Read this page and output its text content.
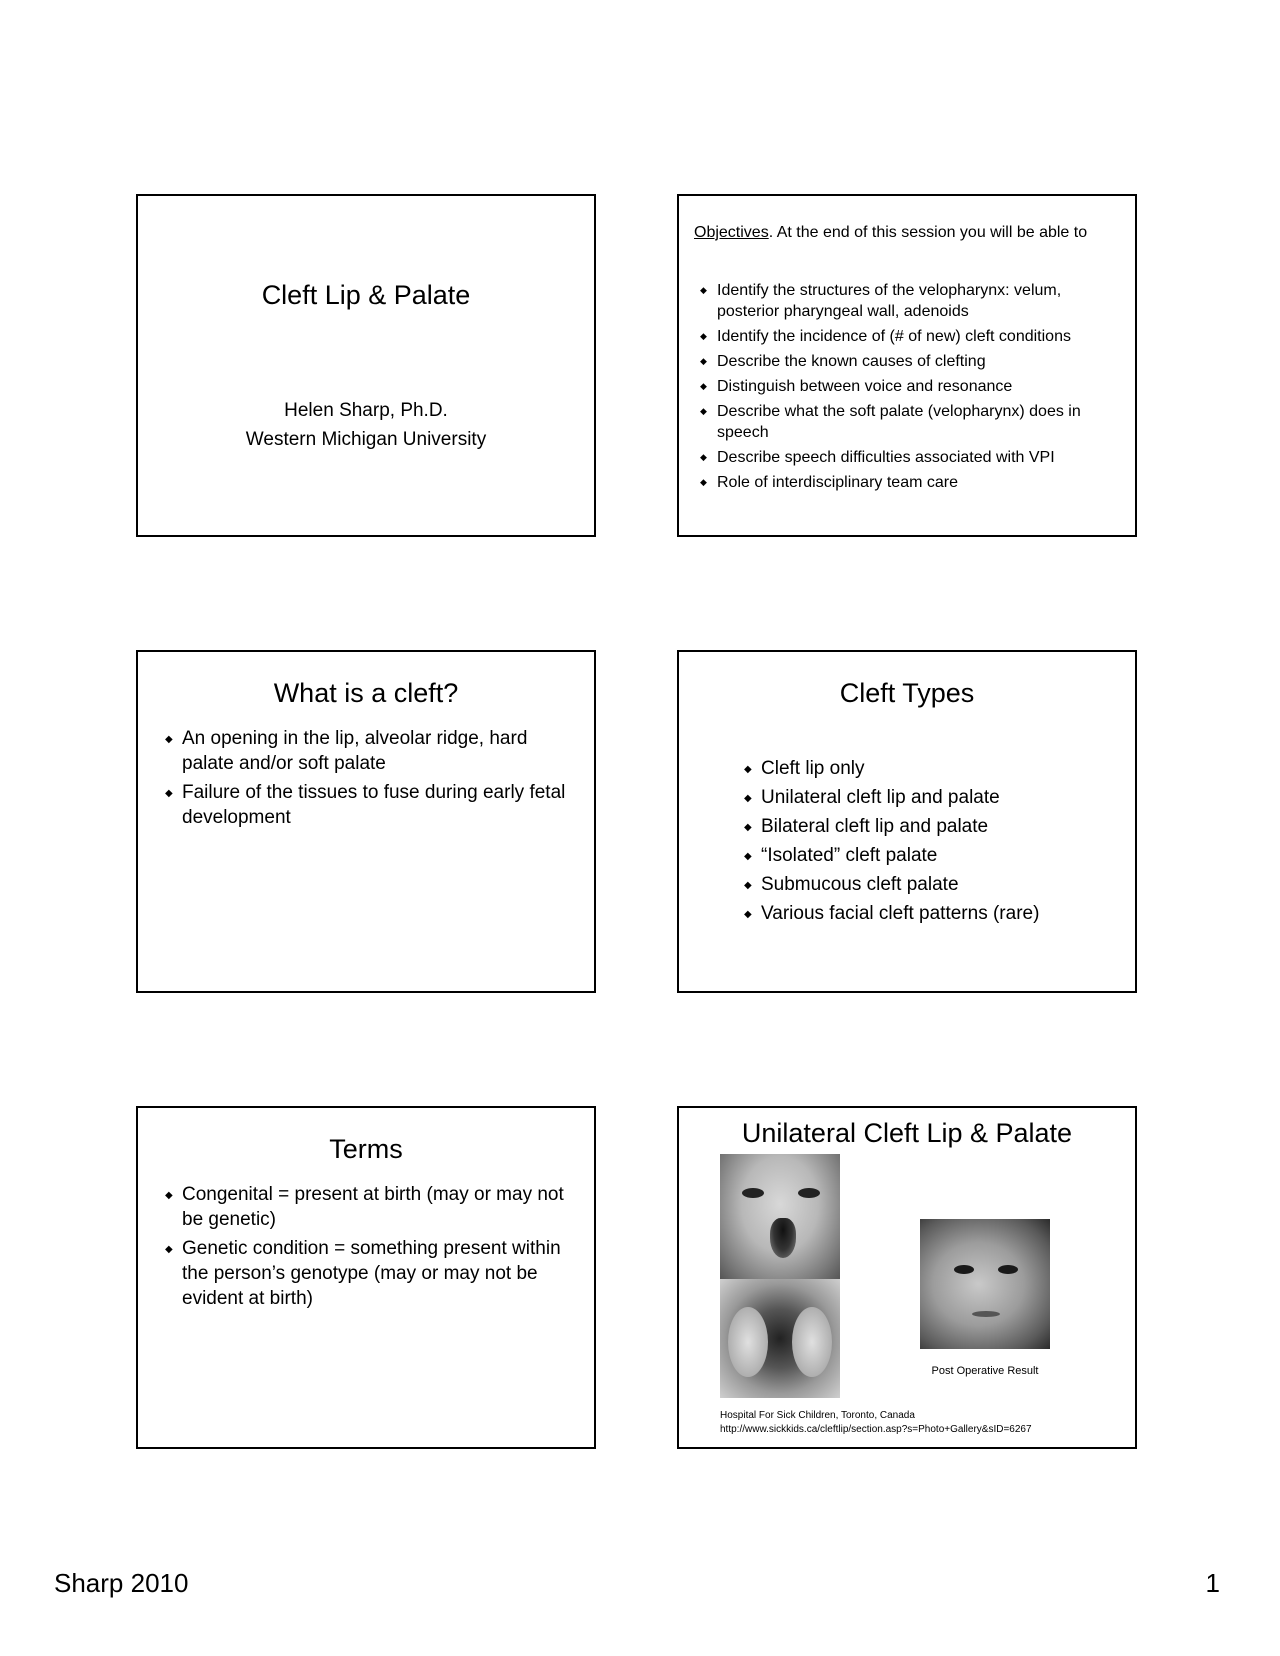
Cleft Lip & Palate
Helen Sharp, Ph.D.
Western Michigan University
Objectives. At the end of this session you will be able to
◆ Identify the structures of the velopharynx: velum, posterior pharyngeal wall, adenoids
◆ Identify the incidence of (# of new) cleft conditions
◆ Describe the known causes of clefting
◆ Distinguish between voice and resonance
◆ Describe what the soft palate (velopharynx) does in speech
◆ Describe speech difficulties associated with VPI
◆ Role of interdisciplinary team care
What is a cleft?
◆ An opening in the lip, alveolar ridge, hard palate and/or soft palate
◆ Failure of the tissues to fuse during early fetal development
Cleft Types
◆ Cleft lip only
◆ Unilateral cleft lip and palate
◆ Bilateral cleft lip and palate
◆ “Isolated” cleft palate
◆ Submucous cleft palate
◆ Various facial cleft patterns (rare)
Terms
◆ Congenital = present at birth (may or may not be genetic)
◆ Genetic condition = something present within the person’s genotype (may or may not be evident at birth)
Unilateral Cleft Lip & Palate
Post Operative Result
Hospital For Sick Children, Toronto, Canada
http://www.sickkids.ca/cleftlip/section.asp?s=Photo+Gallery&sID=6267
Sharp 2010	1
